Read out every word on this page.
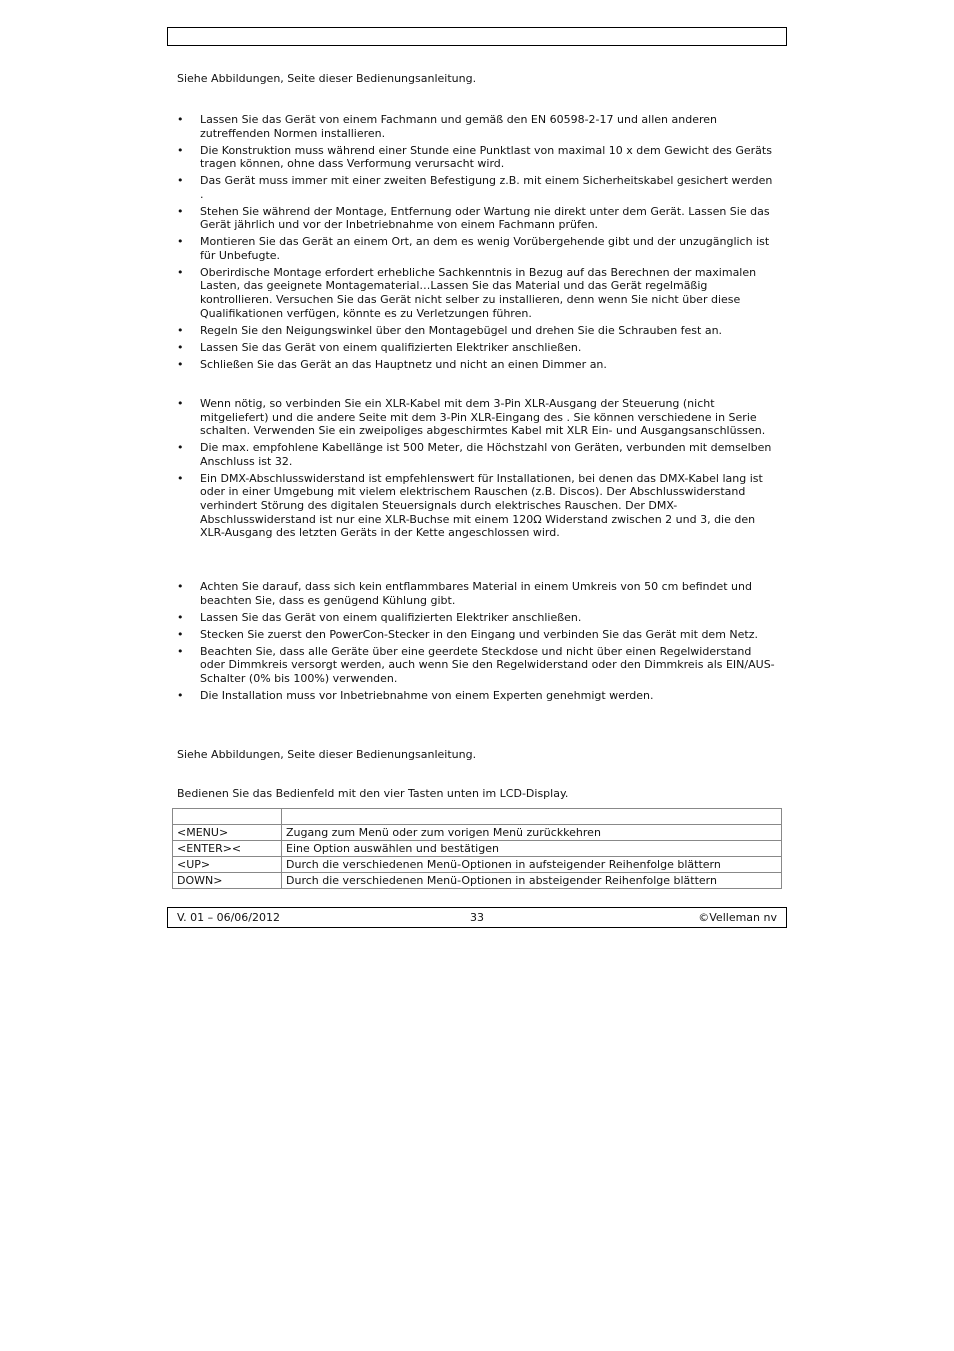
Siehe Abbildungen, Seite dieser Bedienungsanleitung.

• Lassen Sie das Gerät von einem Fachmann und gemäß den EN 60598-2-17 und allen anderen zutreffenden Normen installieren.
• Die Konstruktion muss während einer Stunde eine Punktlast von maximal 10 x dem Gewicht des Geräts tragen können, ohne dass Verformung verursacht wird.
• Das Gerät muss immer mit einer zweiten Befestigung z.B. mit einem Sicherheitskabel gesichert werden .
• Stehen Sie während der Montage, Entfernung oder Wartung nie direkt unter dem Gerät. Lassen Sie das Gerät jährlich und vor der Inbetriebnahme von einem Fachmann prüfen.
• Montieren Sie das Gerät an einem Ort, an dem es wenig Vorübergehende gibt und der unzugänglich ist für Unbefugte.
• Oberirdische Montage erfordert erhebliche Sachkenntnis in Bezug auf das Berechnen der maximalen Lasten, das geeignete Montagematerial…Lassen Sie das Material und das Gerät regelmäßig kontrollieren. Versuchen Sie das Gerät nicht selber zu installieren, denn wenn Sie nicht über diese Qualifikationen verfügen, könnte es zu Verletzungen führen.
• Regeln Sie den Neigungswinkel über den Montagebügel und drehen Sie die Schrauben fest an.
• Lassen Sie das Gerät von einem qualifizierten Elektriker anschließen.
• Schließen Sie das Gerät an das Hauptnetz und nicht an einen Dimmer an.
• Wenn nötig, so verbinden Sie ein XLR-Kabel mit dem 3-Pin XLR-Ausgang der Steuerung (nicht mitgeliefert) und die andere Seite mit dem 3-Pin XLR-Eingang des . Sie können verschiedene in Serie schalten. Verwenden Sie ein zweipoliges abgeschirmtes Kabel mit XLR Ein- und Ausgangsanschlüssen.
• Die max. empfohlene Kabellänge ist 500 Meter, die Höchstzahl von Geräten, verbunden mit demselben Anschluss ist 32.
• Ein DMX-Abschlusswiderstand ist empfehlenswert für Installationen, bei denen das DMX-Kabel lang ist oder in einer Umgebung mit vielem elektrischem Rauschen (z.B. Discos). Der Abschlusswiderstand verhindert Störung des digitalen Steuersignals durch elektrisches Rauschen. Der DMX-Abschlusswiderstand ist nur eine XLR-Buchse mit einem 120Ω Widerstand zwischen 2 und 3, die den XLR-Ausgang des letzten Geräts in der Kette angeschlossen wird.
• Achten Sie darauf, dass sich kein entflammbares Material in einem Umkreis von 50 cm befindet und beachten Sie, dass es genügend Kühlung gibt.
• Lassen Sie das Gerät von einem qualifizierten Elektriker anschließen.
• Stecken Sie zuerst den PowerCon-Stecker in den Eingang und verbinden Sie das Gerät mit dem Netz.
• Beachten Sie, dass alle Geräte über eine geerdete Steckdose und nicht über einen Regelwiderstand oder Dimmkreis versorgt werden, auch wenn Sie den Regelwiderstand oder den Dimmkreis als EIN/AUS-Schalter (0% bis 100%) verwenden.
• Die Installation muss vor Inbetriebnahme von einem Experten genehmigt werden.

Siehe Abbildungen, Seite dieser Bedienungsanleitung.

Bedienen Sie das Bedienfeld mit den vier Tasten unten im LCD-Display.

<MENU>	Zugang zum Menü oder zum vorigen Menü zurückkehren
<ENTER><	Eine Option auswählen und bestätigen
<UP>	Durch die verschiedenen Menü-Optionen in aufsteigender Reihenfolge blättern
DOWN>	Durch die verschiedenen Menü-Optionen in absteigender Reihenfolge blättern
V. 01 – 06/06/2012	33	©Velleman nv
